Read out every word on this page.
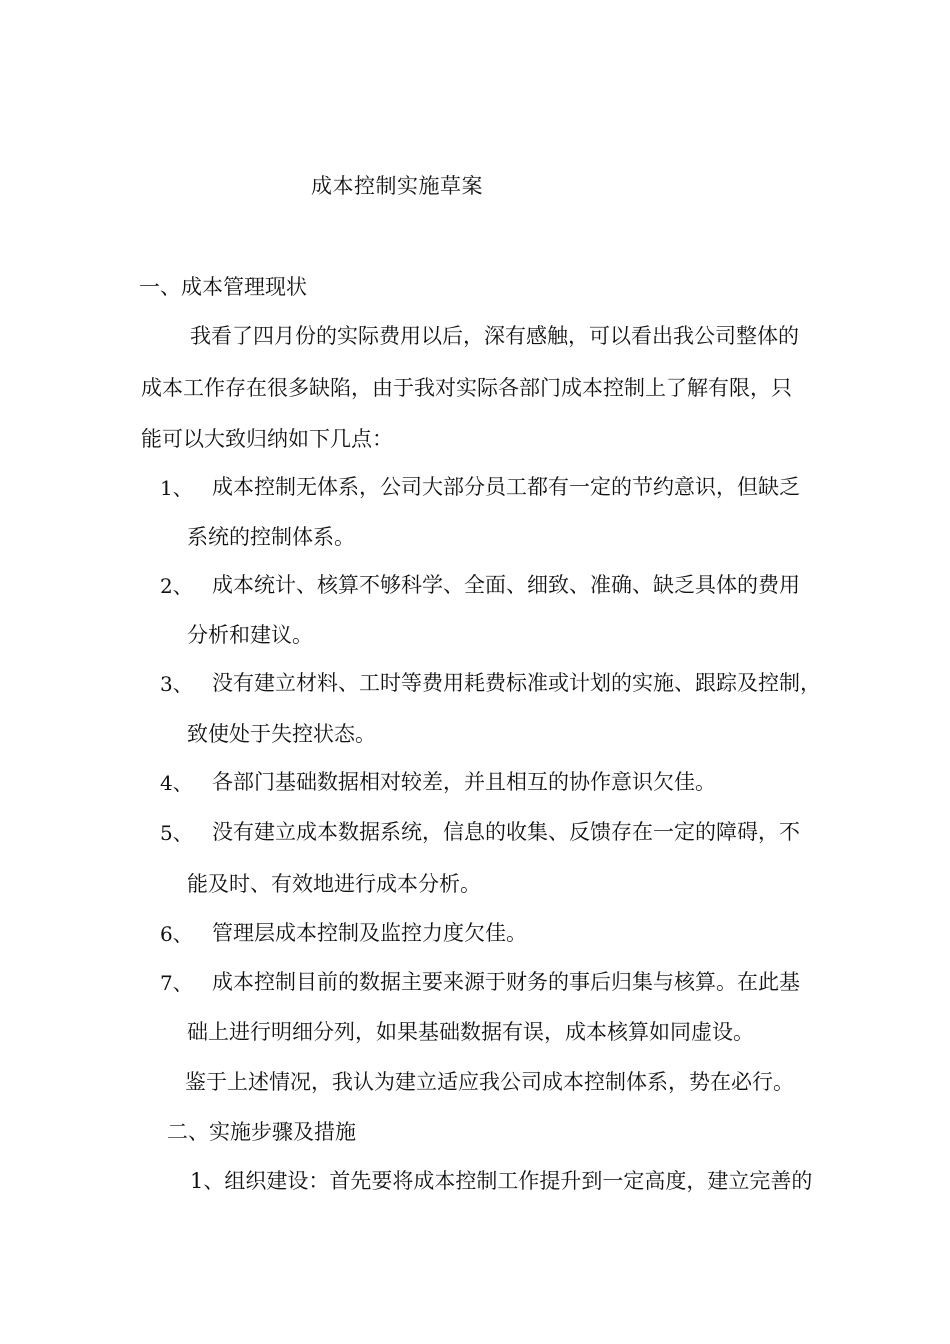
成本控制实施草案
一、成本管理现状
我看了四月份的实际费用以后，深有感触，可以看出我公司整体的
成本工作存在很多缺陷，由于我对实际各部门成本控制上了解有限，只
能可以大致归纳如下几点：
1、 成本控制无体系，公司大部分员工都有一定的节约意识，但缺乏
系统的控制体系。
2、 成本统计、核算不够科学、全面、细致、准确、缺乏具体的费用
分析和建议。
3、 没有建立材料、工时等费用耗费标准或计划的实施、跟踪及控制，
致使处于失控状态。
4、 各部门基础数据相对较差，并且相互的协作意识欠佳。
5、 没有建立成本数据系统，信息的收集、反馈存在一定的障碍，不
能及时、有效地进行成本分析。
6、 管理层成本控制及监控力度欠佳。
7、 成本控制目前的数据主要来源于财务的事后归集与核算。在此基
础上进行明细分列，如果基础数据有误，成本核算如同虚设。
鉴于上述情况，我认为建立适应我公司成本控制体系，势在必行。
二、实施步骤及措施
1、组织建设：首先要将成本控制工作提升到一定高度，建立完善的
